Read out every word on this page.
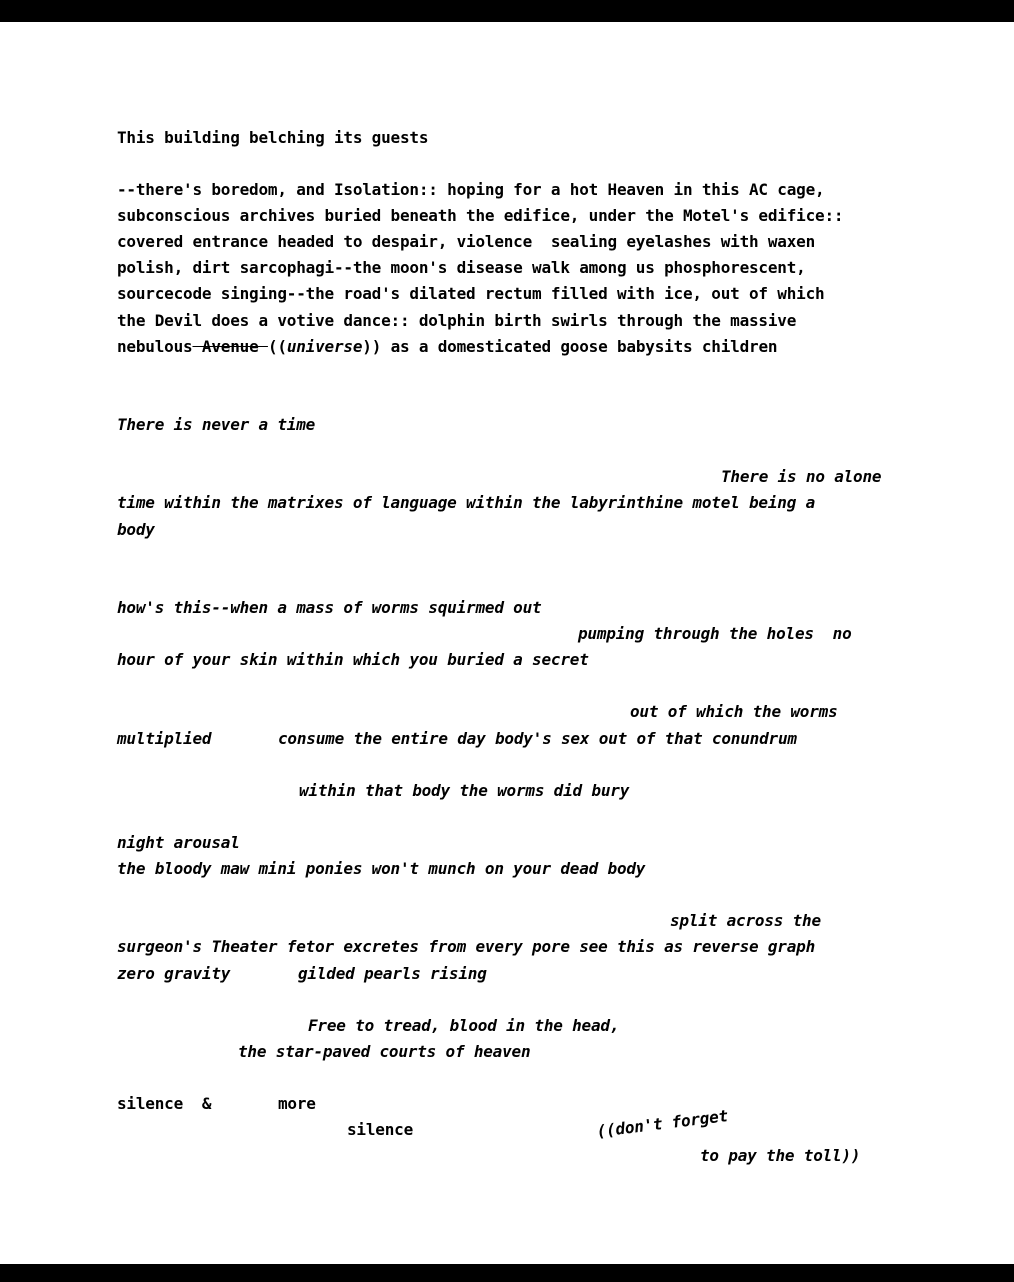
This building belching its guests
--there's boredom, and Isolation:: hoping for a hot Heaven in this AC cage,
subconscious archives buried beneath the edifice, under the Motel's edifice::
covered entrance headed to despair, violence  sealing eyelashes with waxen
polish, dirt sarcophagi--the moon's disease walk among us phosphorescent,
sourcecode singing--the road's dilated rectum filled with ice, out of which
the Devil does a votive dance:: dolphin birth swirls through the massive
nebulous Avenue ((universe)) as a domesticated goose babysits children
There is never a time
There is no alone
time within the matrixes of language within the labyrinthine motel being a
body
how's this--when a mass of worms squirmed out
pumping through the holes  no
hour of your skin within which you buried a secret
out of which the worms
multiplied	consume the entire day body's sex out of that conundrum
within that body the worms did bury
night arousal
the bloody maw mini ponies won't munch on your dead body
split across the
surgeon's Theater fetor excretes from every pore see this as reverse graph
zero gravity	gilded pearls rising
Free to tread, blood in the head,
the star-paved courts of heaven
silence  &	more
silence	((don't forget
to pay the toll))
